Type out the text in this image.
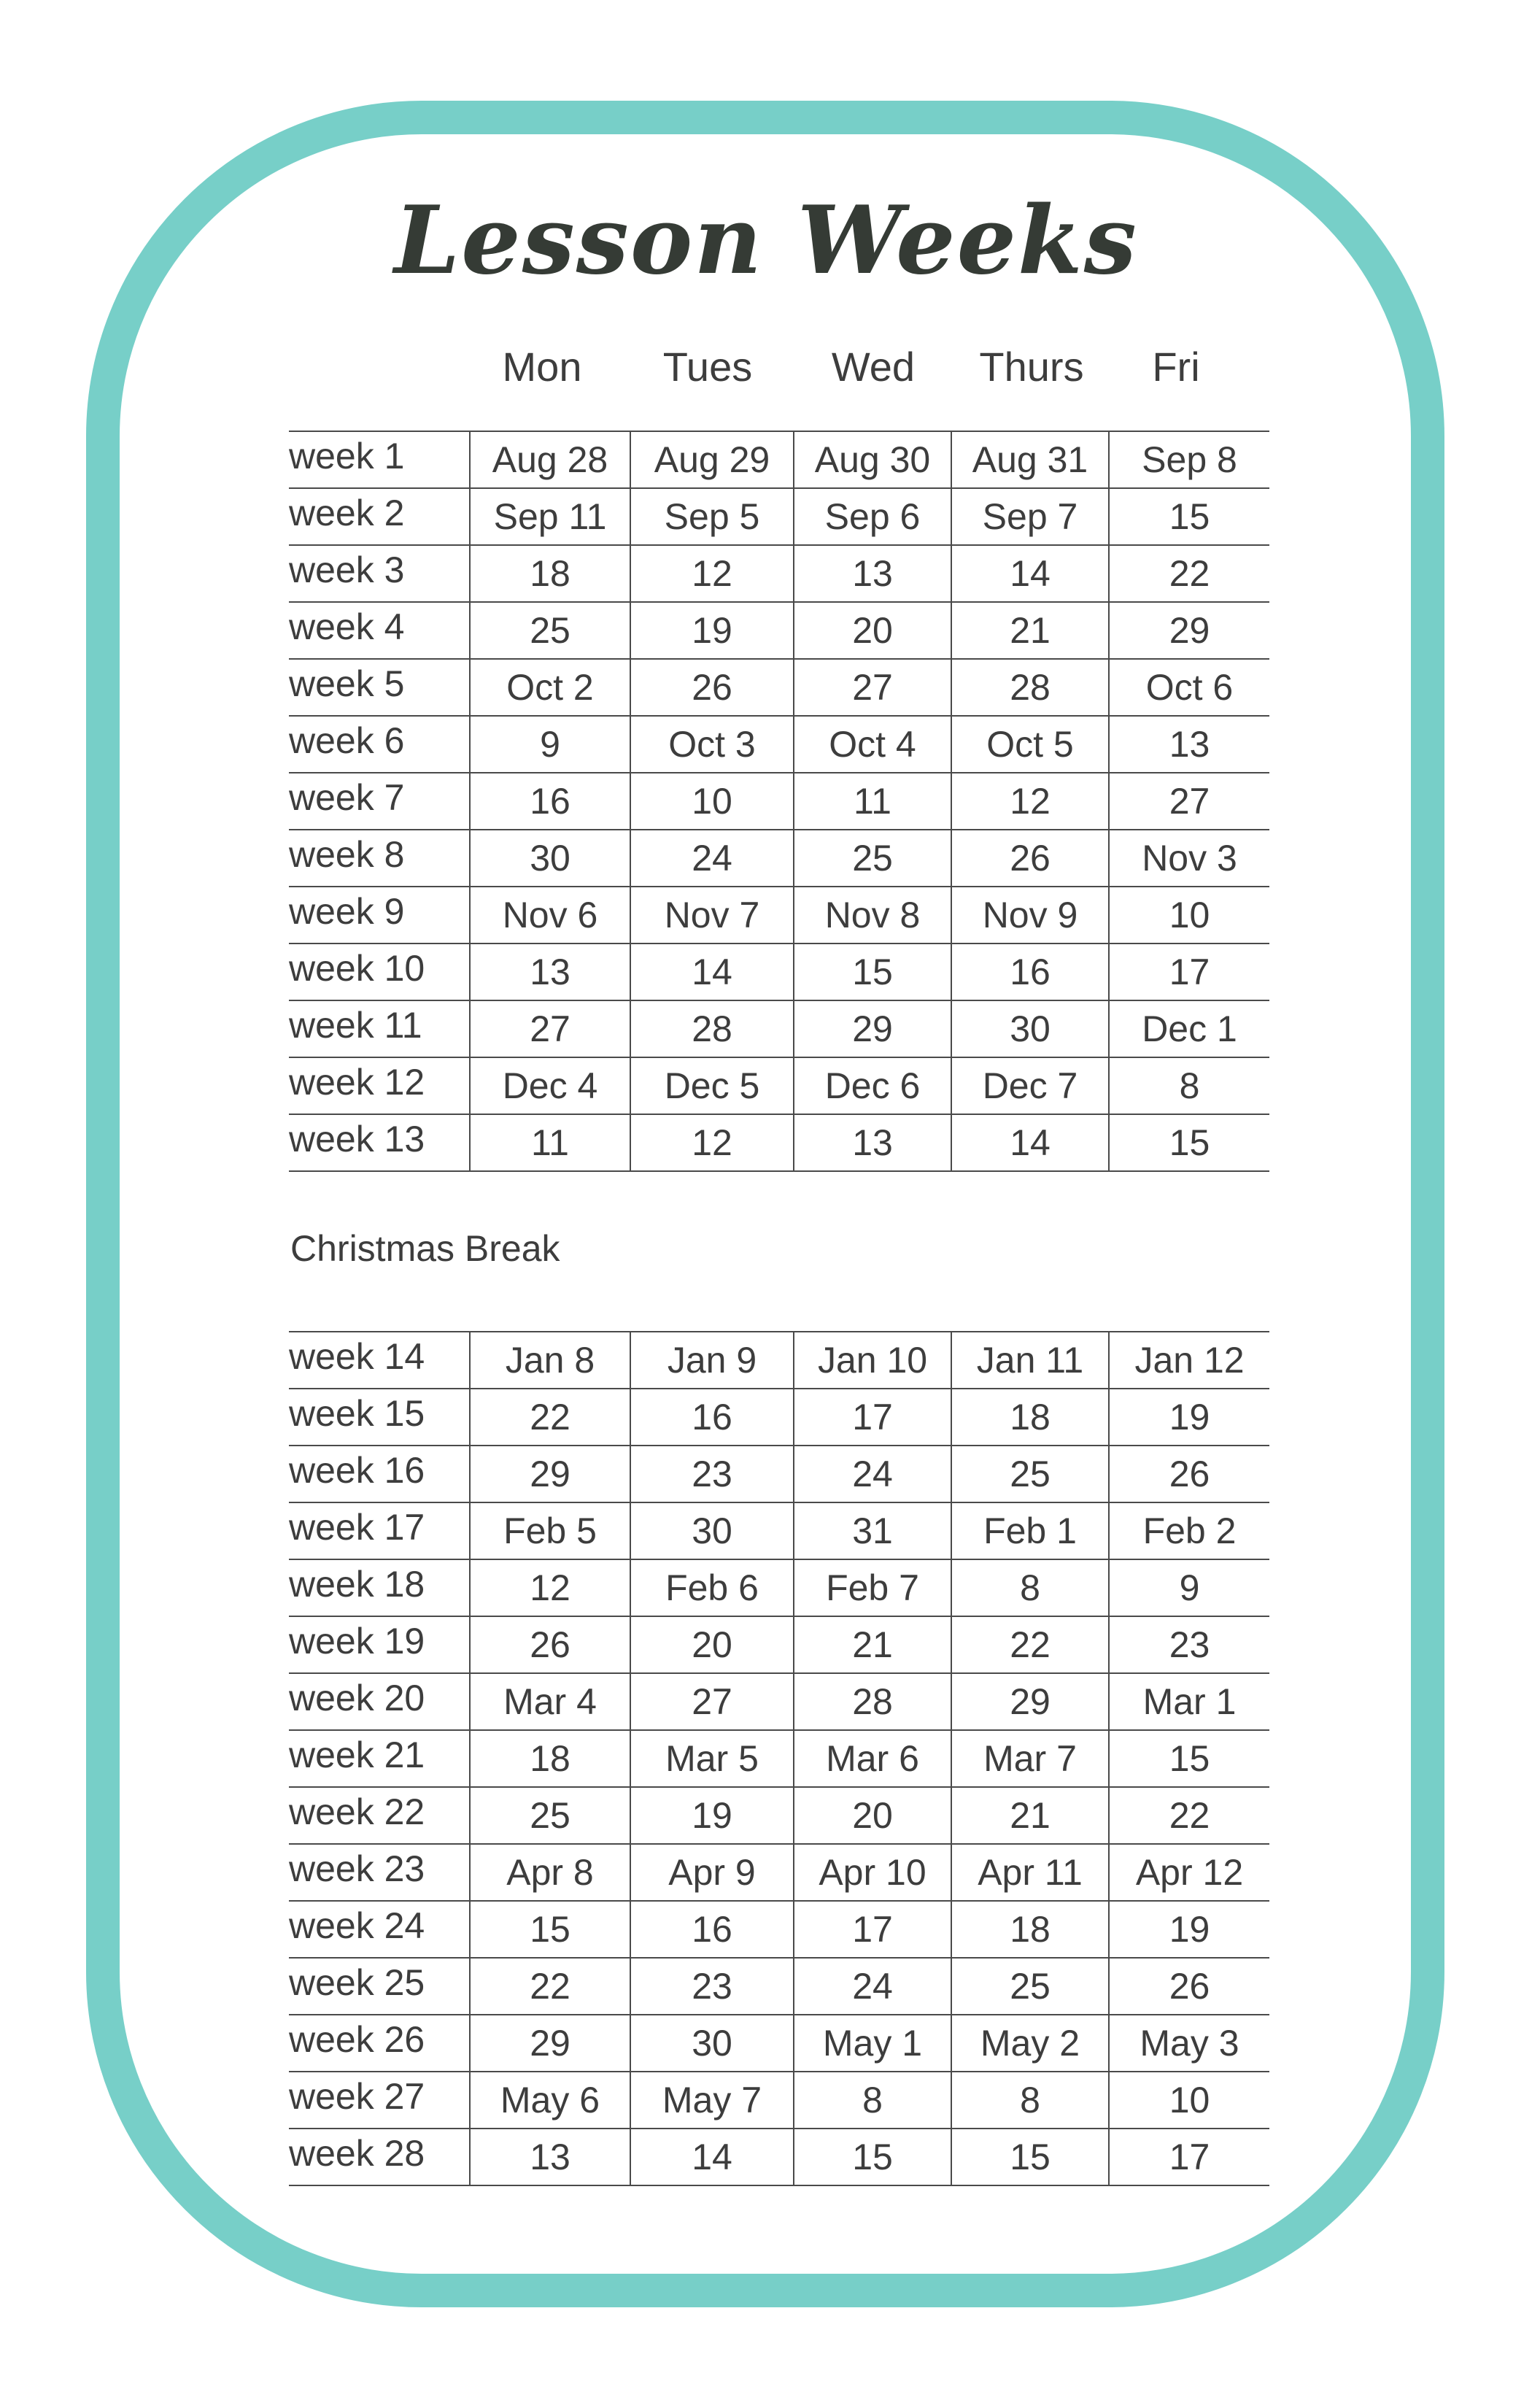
Lesson Weeks
Mon Tues Wed Thurs Fri
week 1	Aug 28	Aug 29	Aug 30	Aug 31	Sep 8
week 2	Sep 11	Sep 5	Sep 6	Sep 7	15
week 3	18	12	13	14	22
week 4	25	19	20	21	29
week 5	Oct 2	26	27	28	Oct 6
week 6	9	Oct 3	Oct 4	Oct 5	13
week 7	16	10	11	12	27
week 8	30	24	25	26	Nov 3
week 9	Nov 6	Nov 7	Nov 8	Nov 9	10
week 10	13	14	15	16	17
week 11	27	28	29	30	Dec 1
week 12	Dec 4	Dec 5	Dec 6	Dec 7	8
week 13	11	12	13	14	15
Christmas Break
week 14	Jan 8	Jan 9	Jan 10	Jan 11	Jan 12
week 15	22	16	17	18	19
week 16	29	23	24	25	26
week 17	Feb 5	30	31	Feb 1	Feb 2
week 18	12	Feb 6	Feb 7	8	9
week 19	26	20	21	22	23
week 20	Mar 4	27	28	29	Mar 1
week 21	18	Mar 5	Mar 6	Mar 7	15
week 22	25	19	20	21	22
week 23	Apr 8	Apr 9	Apr 10	Apr 11	Apr 12
week 24	15	16	17	18	19
week 25	22	23	24	25	26
week 26	29	30	May 1	May 2	May 3
week 27	May 6	May 7	8	8	10
week 28	13	14	15	15	17
